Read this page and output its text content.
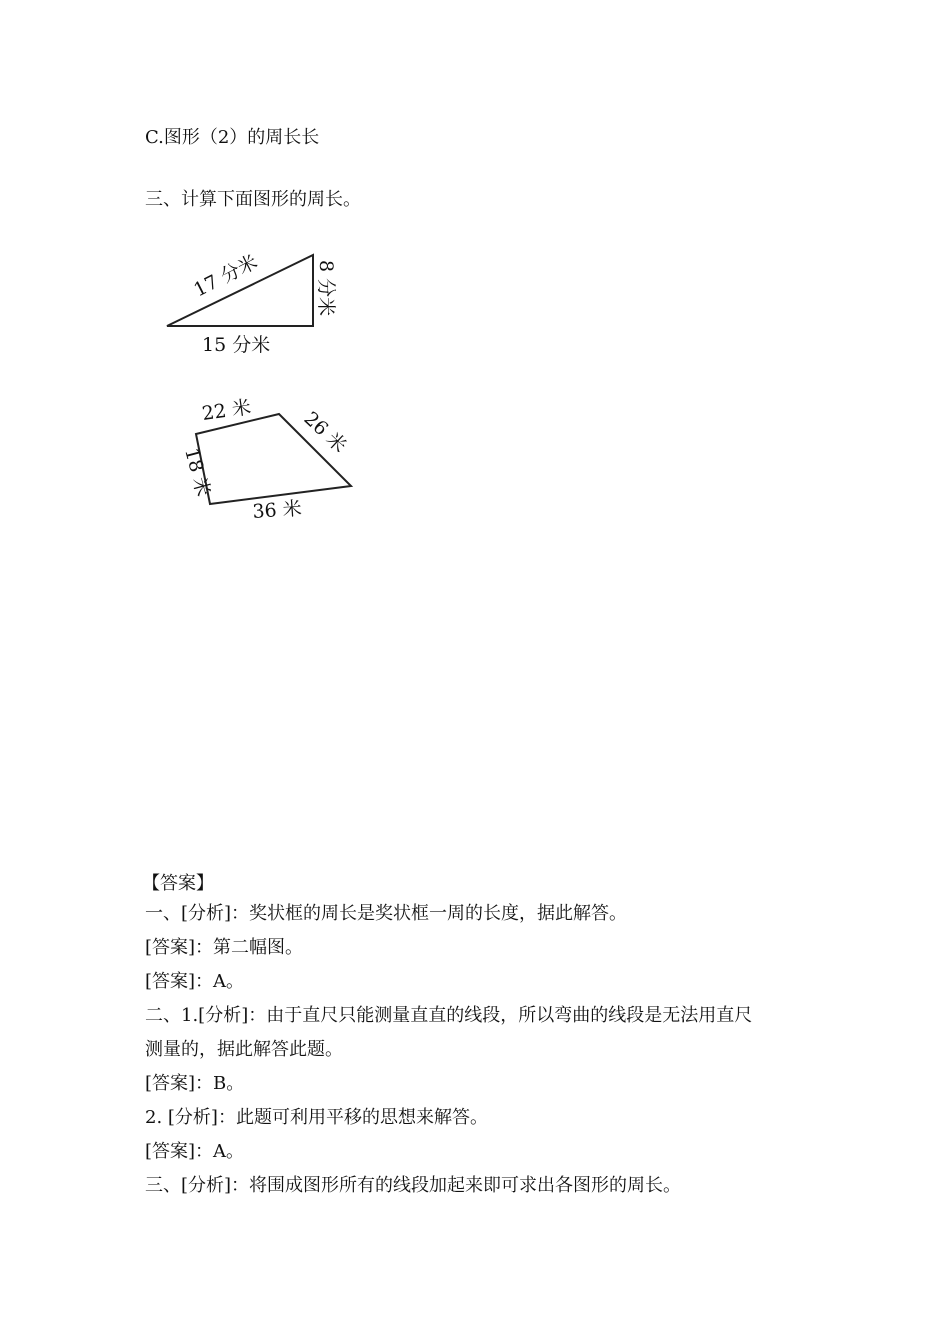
C.图形（2）的周长长
三、计算下面图形的周长。
17 分米	8 分米
15 分米
22 米 26 米
18 米
36 米
【答案】
一、[分析]：奖状框的周长是奖状框一周的长度，据此解答。
[答案]：第二幅图。
[答案]：A。
二、1.[分析]：由于直尺只能测量直直的线段，所以弯曲的线段是无法用直尺
测量的，据此解答此题。
[答案]：B。
2. [分析]：此题可利用平移的思想来解答。
[答案]：A。
三、[分析]：将围成图形所有的线段加起来即可求出各图形的周长。
